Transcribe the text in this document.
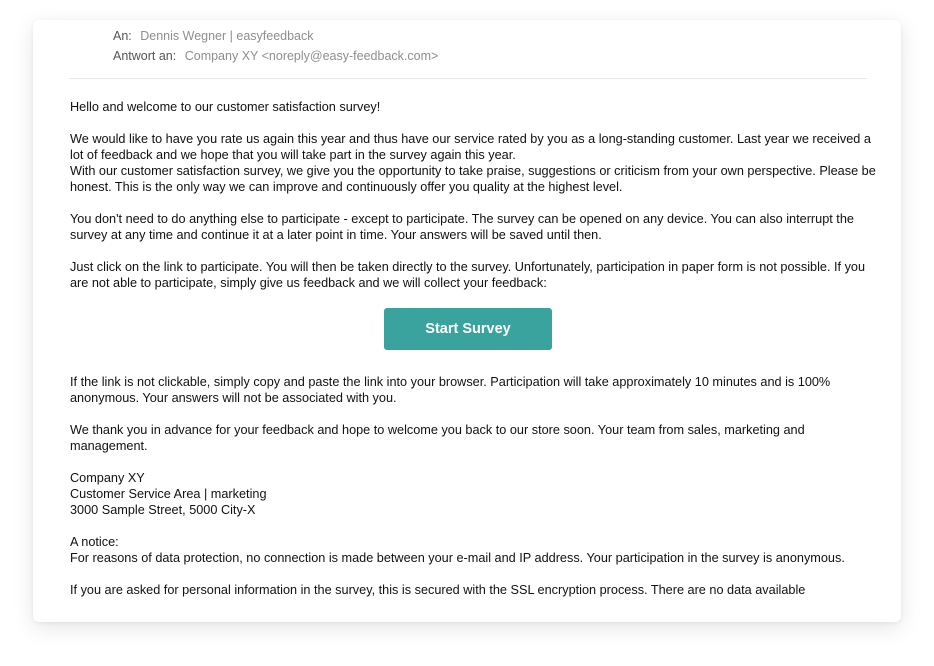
An: Dennis Wegner | easyfeedback
Antwort an: Company XY <noreply@easy-feedback.com>

Hello and welcome to our customer satisfaction survey!

We would like to have you rate us again this year and thus have our service rated by you as a long-standing customer. Last year we received a lot of feedback and we hope that you will take part in the survey again this year.
With our customer satisfaction survey, we give you the opportunity to take praise, suggestions or criticism from your own perspective. Please be honest. This is the only way we can improve and continuously offer you quality at the highest level.

You don't need to do anything else to participate - except to participate. The survey can be opened on any device. You can also interrupt the survey at any time and continue it at a later point in time. Your answers will be saved until then.

Just click on the link to participate. You will then be taken directly to the survey. Unfortunately, participation in paper form is not possible. If you are not able to participate, simply give us feedback and we will collect your feedback:

Start Survey

If the link is not clickable, simply copy and paste the link into your browser. Participation will take approximately 10 minutes and is 100% anonymous. Your answers will not be associated with you.

We thank you in advance for your feedback and hope to welcome you back to our store soon. Your team from sales, marketing and management.

Company XY
Customer Service Area | marketing
3000 Sample Street, 5000 City-X

A notice:
For reasons of data protection, no connection is made between your e-mail and IP address. Your participation in the survey is anonymous.

If you are asked for personal information in the survey, this is secured with the SSL encryption process. There are no data available
